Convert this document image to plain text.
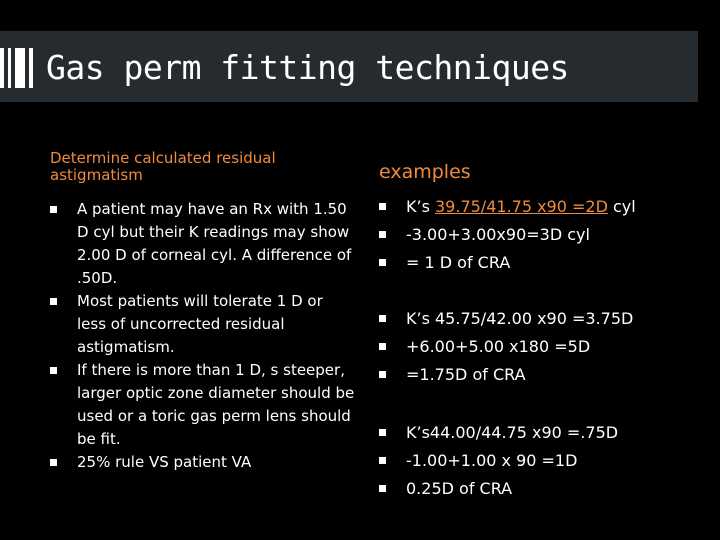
Gas perm fitting techniques
Determine calculated residual astigmatism
A patient may have an Rx with 1.50 D cyl but their K readings may show 2.00 D of corneal cyl. A difference of .50D.
Most patients will tolerate 1 D or less of uncorrected residual astigmatism.
If there is more than 1 D, s steeper, larger optic zone diameter should be used or a toric gas perm lens should be fit.
25% rule VS patient VA
examples
K’s 39.75/41.75 x90 =2D cyl
-3.00+3.00x90=3D cyl
= 1 D of CRA
K’s 45.75/42.00 x90 =3.75D
+6.00+5.00 x180 =5D
=1.75D of CRA
K’s44.00/44.75 x90 =.75D
-1.00+1.00 x 90 =1D
0.25D of CRA
